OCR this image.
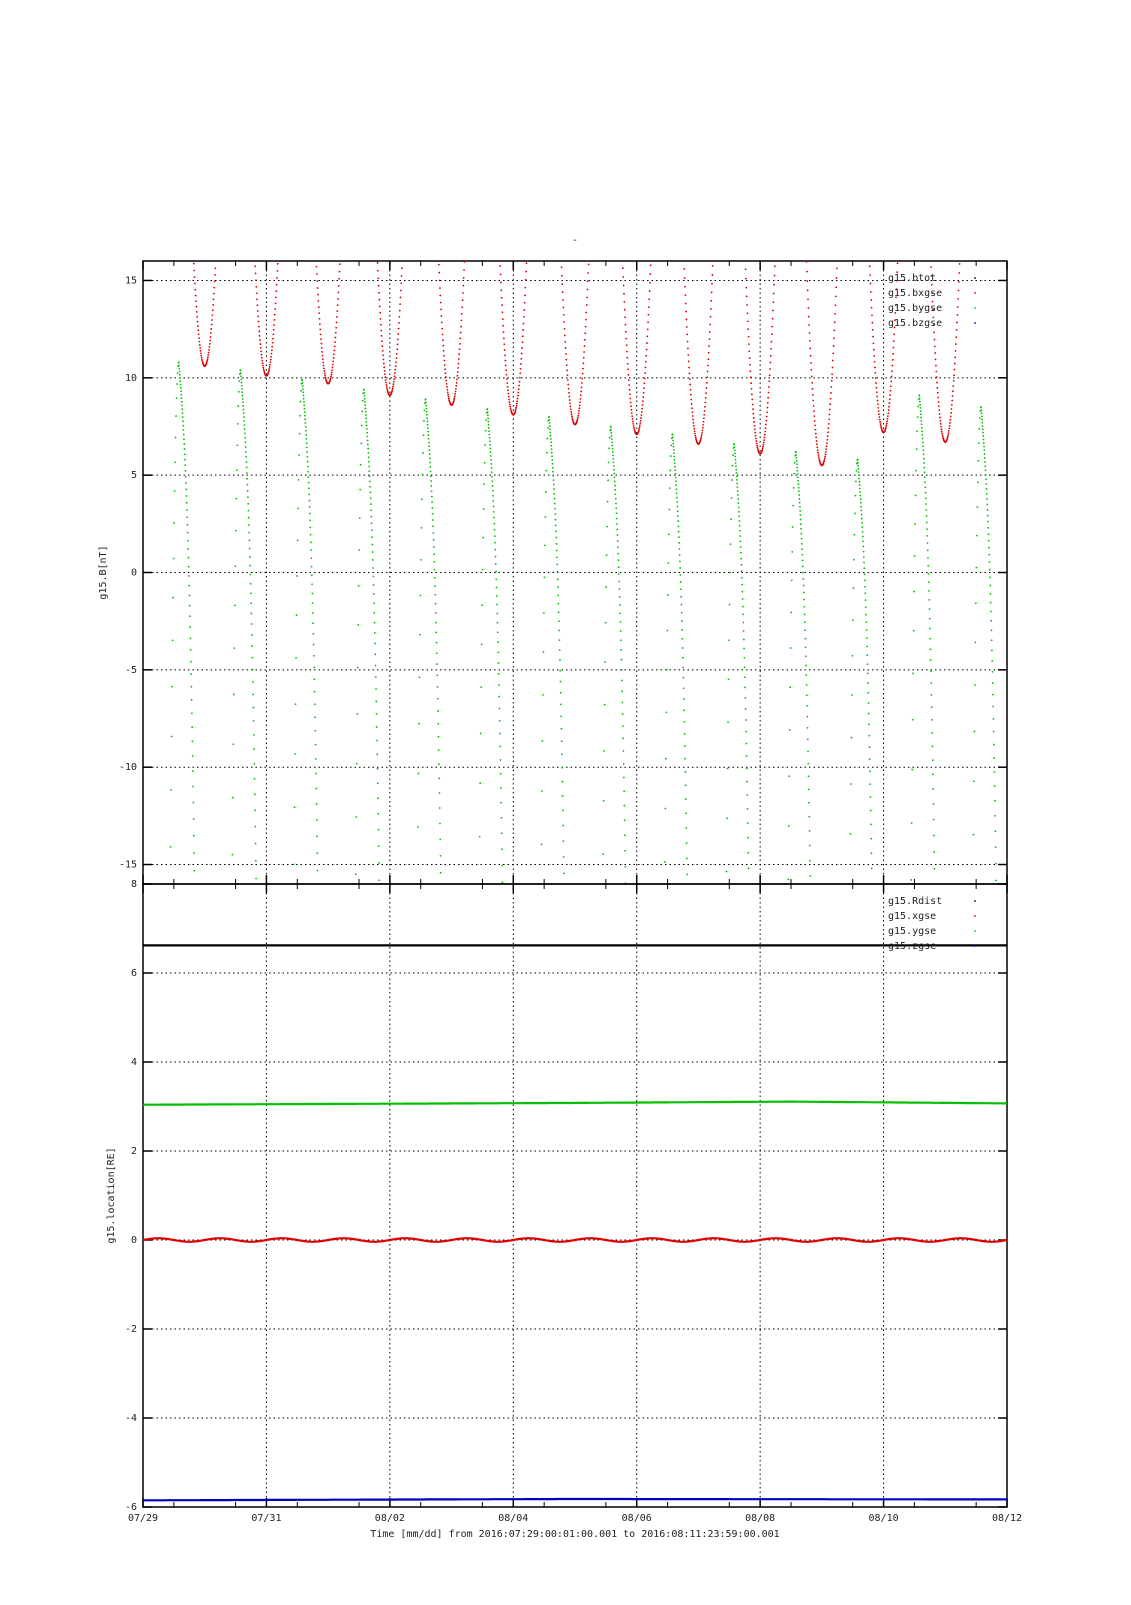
-
-15
-10
-5
0
5
10
15
g15.B[nT]
g15.btot
g15.bxgse
g15.bygse
g15.bzgse
-6
-4
-2
0
2
4
6
8
07/29	07/31	08/02	08/04	08/06	08/08	08/10	08/12
g15.location[RE]
g15.Rdist
g15.xgse
g15.ygse
g15.zgse
Time [mm/dd] from 2016:07:29:00:01:00.001 to 2016:08:11:23:59:00.001
